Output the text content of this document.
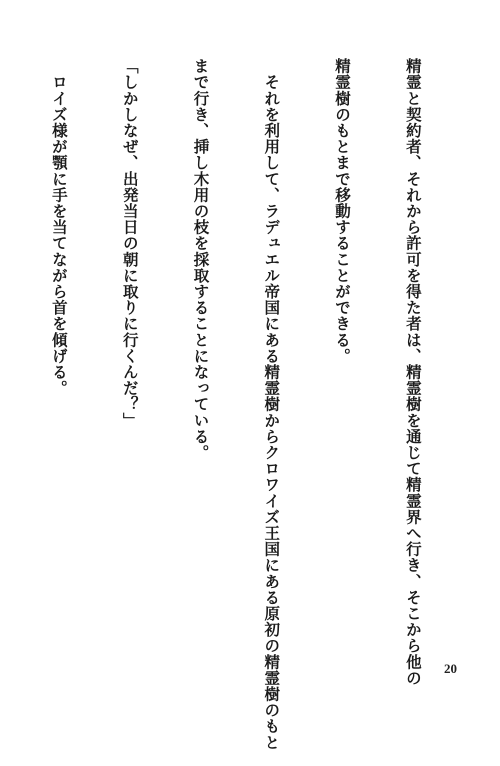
精霊と契約者、それから許可を得た者は、精霊樹を通じて精霊界へ行き、そこから他の

精霊樹のもとまで移動することができる。

　それを利用して、ラデュエル帝国にある精霊樹からクロワイズ王国にある原初の精霊樹のもと

まで行き、挿し木用の枝を採取することになっている。

「しかしなぜ、出発当日の朝に取りに行くんだ？」

　ロイズ様が顎に手を当てながら首を傾げる。

20
